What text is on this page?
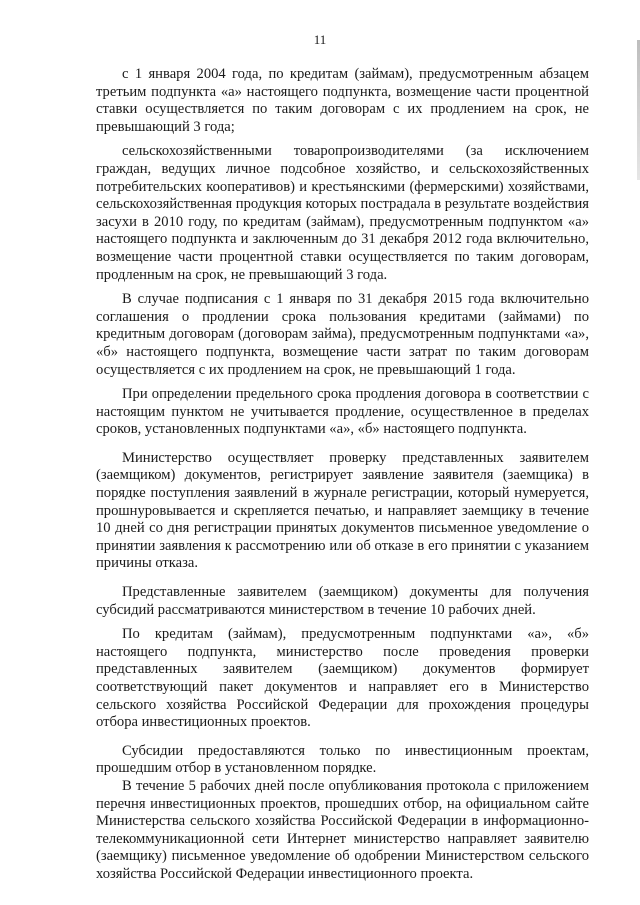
11

с 1 января 2004 года, по кредитам (займам), предусмотренным абзацем третьим подпункта «а» настоящего подпункта, возмещение части процентной ставки осуществляется по таким договорам с их продлением на срок, не превышающий 3 года;

сельскохозяйственными товаропроизводителями (за исключением граждан, ведущих личное подсобное хозяйство, и сельскохозяйственных потребительских кооперативов) и крестьянскими (фермерскими) хозяйствами, сельскохозяйственная продукция которых пострадала в результате воздействия засухи в 2010 году, по кредитам (займам), предусмотренным подпунктом «а» настоящего подпункта и заключенным до 31 декабря 2012 года включительно, возмещение части процентной ставки осуществляется по таким договорам, продленным на срок, не превышающий 3 года.

В случае подписания с 1 января по 31 декабря 2015 года включительно соглашения о продлении срока пользования кредитами (займами) по кредитным договорам (договорам займа), предусмотренным подпунктами «а», «б» настоящего подпункта, возмещение части затрат по таким договорам осуществляется с их продлением на срок, не превышающий 1 года.

При определении предельного срока продления договора в соответствии с настоящим пунктом не учитывается продление, осуществленное в пределах сроков, установленных подпунктами «а», «б» настоящего подпункта.

Министерство осуществляет проверку представленных заявителем (заемщиком) документов, регистрирует заявление заявителя (заемщика) в порядке поступления заявлений в журнале регистрации, который нумеруется, прошнуровывается и скрепляется печатью, и направляет заемщику в течение 10 дней со дня регистрации принятых документов письменное уведомление о принятии заявления к рассмотрению или об отказе в его принятии с указанием причины отказа.

Представленные заявителем (заемщиком) документы для получения субсидий рассматриваются министерством в течение 10 рабочих дней.

По кредитам (займам), предусмотренным подпунктами «а», «б» настоящего подпункта, министерство после проведения проверки представленных заявителем (заемщиком) документов формирует соответствующий пакет документов и направляет его в Министерство сельского хозяйства Российской Федерации для прохождения процедуры отбора инвестиционных проектов.

Субсидии предоставляются только по инвестиционным проектам, прошедшим отбор в установленном порядке.

В течение 5 рабочих дней после опубликования протокола с приложением перечня инвестиционных проектов, прошедших отбор, на официальном сайте Министерства сельского хозяйства Российской Федерации в информационно-телекоммуникационной сети Интернет министерство направляет заявителю (заемщику) письменное уведомление об одобрении Министерством сельского хозяйства Российской Федерации инвестиционного проекта.
